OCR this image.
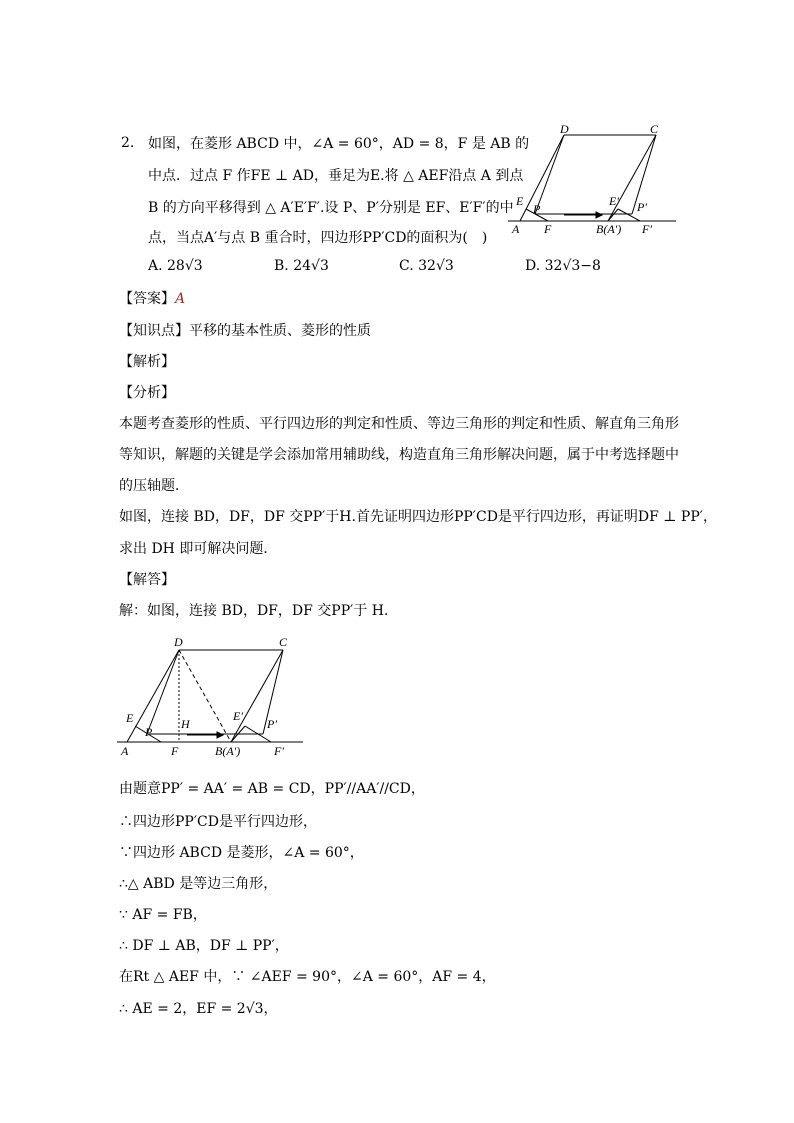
2. 如图，在菱形 ABCD 中，∠A = 60°，AD = 8，F 是 AB 的
中点．过点 F 作FE ⊥ AD，垂足为E.将 △ AEF沿点 A 到点
B 的方向平移得到 △ A′E′F′.设 P、P′分别是 EF、E′F′的中
点，当点A′与点 B 重合时，四边形PP′CD的面积为(　)
A. 28√3	B. 24√3	C. 32√3	D. 32√3−8
D	C
E
P
E′ P′
A F	B(A′) F′
【答案】A
【知识点】平移的基本性质、菱形的性质
【解析】
【分析】
本题考查菱形的性质、平行四边形的判定和性质、等边三角形的判定和性质、解直角三角形
等知识，解题的关键是学会添加常用辅助线，构造直角三角形解决问题，属于中考选择题中
的压轴题．
如图，连接 BD，DF，DF 交PP′于H.首先证明四边形PP′CD是平行四边形，再证明DF ⊥ PP′，
求出 DH 即可解决问题．
【解答】
解：如图，连接 BD，DF，DF 交PP′于 H．
D	C
E	H
P
E′
P′
A	F	B(A′)	F′
由题意PP′ = AA′ = AB = CD，PP′//AA′//CD，
∴四边形PP′CD是平行四边形，
∵四边形 ABCD 是菱形，∠A = 60°，
∴△ ABD 是等边三角形，
∵ AF = FB，
∴ DF ⊥ AB，DF ⊥ PP′，
在Rt △ AEF 中，∵ ∠AEF = 90°，∠A = 60°，AF = 4，
∴ AE = 2，EF = 2√3，
